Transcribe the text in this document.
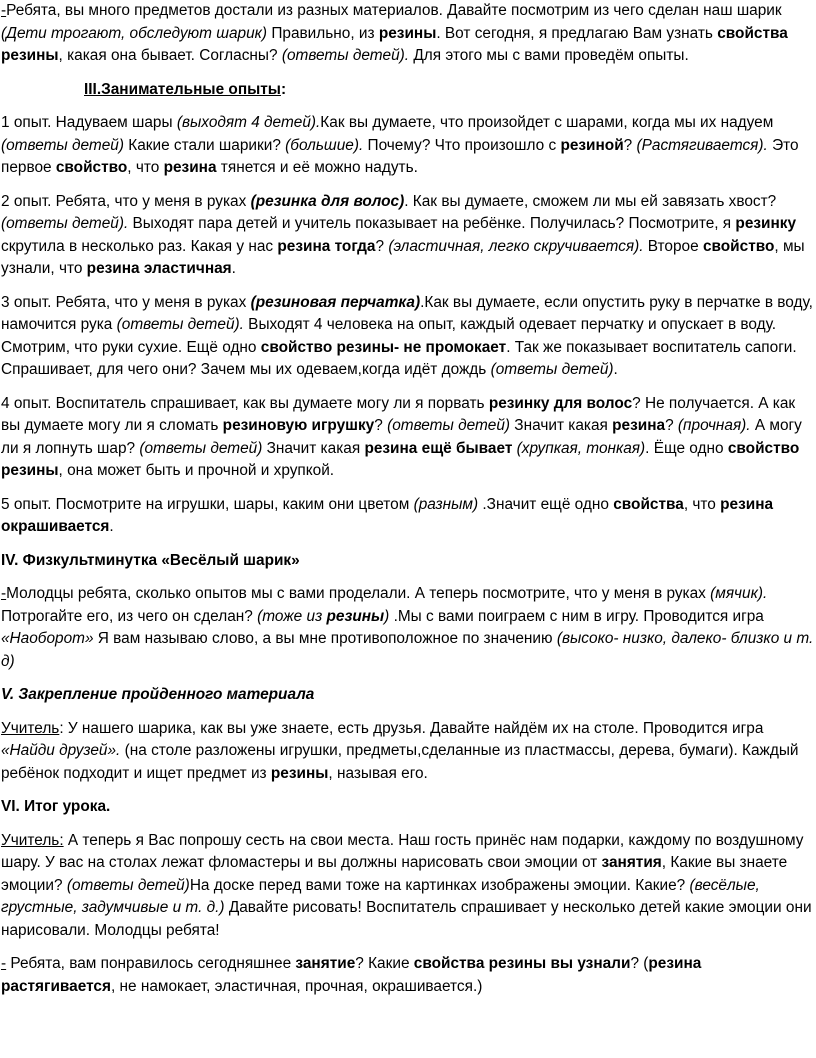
-Ребята, вы много предметов достали из разных материалов. Давайте посмотрим из чего сделан наш шарик (Дети трогают, обследуют шарик) Правильно, из резины. Вот сегодня, я предлагаю Вам узнать свойства резины, какая она бывает. Согласны? (ответы детей). Для этого мы с вами проведём опыты.

III.Занимательные опыты:

1 опыт. Надуваем шары (выходят 4 детей).Как вы думаете, что произойдет с шарами, когда мы их надуем (ответы детей) Какие стали шарики? (большие). Почему? Что произошло с резиной? (Растягивается). Это первое свойство, что резина тянется и её можно надуть.

2 опыт. Ребята, что у меня в руках (резинка для волос). Как вы думаете, сможем ли мы ей завязать хвост? (ответы детей). Выходят пара детей и учитель показывает на ребёнке. Получилась? Посмотрите, я резинку скрутила в несколько раз. Какая у нас резина тогда? (эластичная, легко скручивается). Второе свойство, мы узнали, что резина эластичная.

3 опыт. Ребята, что у меня в руках (резиновая перчатка).Как вы думаете, если опустить руку в перчатке в воду, намочится рука (ответы детей). Выходят 4 человека на опыт, каждый одевает перчатку и опускает в воду. Смотрим, что руки сухие. Ещё одно свойство резины- не промокает. Так же показывает воспитатель сапоги. Спрашивает, для чего они? Зачем мы их одеваем,когда идёт дождь (ответы детей).

4 опыт. Воспитатель спрашивает, как вы думаете могу ли я порвать резинку для волос? Не получается. А как вы думаете могу ли я сломать резиновую игрушку? (ответы детей) Значит какая резина? (прочная). А могу ли я лопнуть шар? (ответы детей) Значит какая резина ещё бывает (хрупкая, тонкая). Ёще одно свойство резины, она может быть и прочной и хрупкой.

5 опыт. Посмотрите на игрушки, шары, каким они цветом (разным) .Значит ещё одно свойства, что резина окрашивается.

IV. Физкультминутка «Весёлый шарик»

-Молодцы ребята, сколько опытов мы с вами проделали. А теперь посмотрите, что у меня в руках (мячик). Потрогайте его, из чего он сделан? (тоже из резины) .Мы с вами поиграем с ним в игру. Проводится игра «Наоборот» Я вам называю слово, а вы мне противоположное по значению (высоко- низко, далеко- близко и т. д)

V. Закрепление пройденного материала

Учитель: У нашего шарика, как вы уже знаете, есть друзья. Давайте найдём их на столе. Проводится игра «Найди друзей». (на столе разложены игрушки, предметы,сделанные из пластмассы, дерева, бумаги). Каждый ребёнок подходит и ищет предмет из резины, называя его.

VI. Итог урока.

Учитель: А теперь я Вас попрошу сесть на свои места. Наш гость принёс нам подарки, каждому по воздушному шару. У вас на столах лежат фломастеры и вы должны нарисовать свои эмоции от занятия, Какие вы знаете эмоции? (ответы детей)На доске перед вами тоже на картинках изображены эмоции. Какие? (весёлые, грустные, задумчивые и т. д.) Давайте рисовать! Воспитатель спрашивает у несколько детей какие эмоции они нарисовали. Молодцы ребята!

- Ребята, вам понравилось сегодняшнее занятие? Какие свойства резины вы узнали? (резина растягивается, не намокает, эластичная, прочная, окрашивается.)
